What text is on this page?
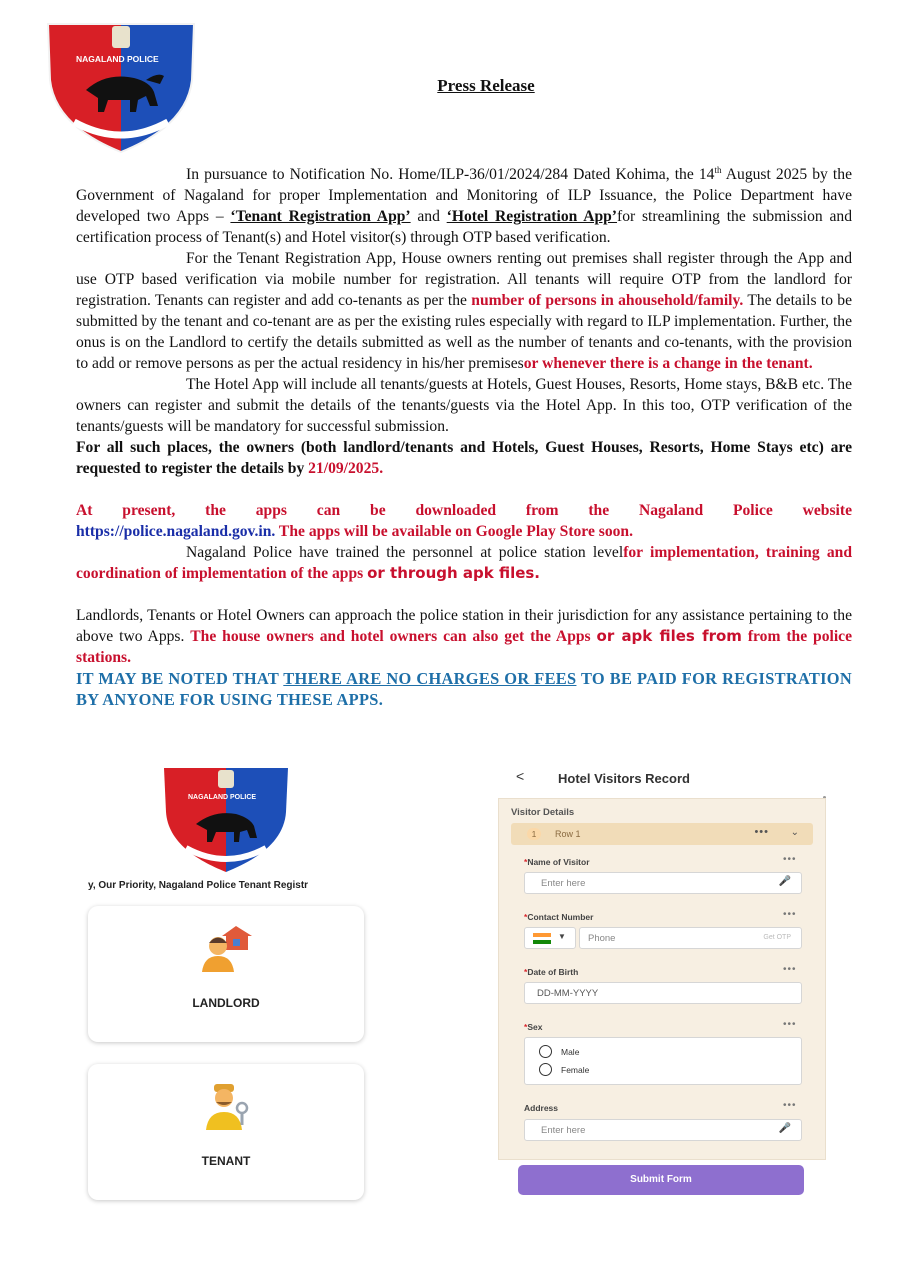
NAGALAND POLICE
Press Release

In pursuance to Notification No. Home/ILP-36/01/2024/284 Dated Kohima, the 14th August 2025 by the Government of Nagaland for proper Implementation and Monitoring of ILP Issuance, the Police Department have developed two Apps – ‘Tenant Registration App’ and ‘Hotel Registration App’for streamlining the submission and certification process of Tenant(s) and Hotel visitor(s) through OTP based verification.

For the Tenant Registration App, House owners renting out premises shall register through the App and use OTP based verification via mobile number for registration. All tenants will require OTP from the landlord for registration. Tenants can register and add co-tenants as per the number of persons in ahousehold/family. The details to be submitted by the tenant and co-tenant are as per the existing rules especially with regard to ILP implementation. Further, the onus is on the Landlord to certify the details submitted as well as the number of tenants and co-tenants, with the provision to add or remove persons as per the actual residency in his/her premisesor whenever there is a change in the tenant.

The Hotel App will include all tenants/guests at Hotels, Guest Houses, Resorts, Home stays, B&B etc. The owners can register and submit the details of the tenants/guests via the Hotel App. In this too, OTP verification of the tenants/guests will be mandatory for successful submission.

For all such places, the owners (both landlord/tenants and Hotels, Guest Houses, Resorts, Home Stays etc) are requested to register the details by 21/09/2025.

At present, the apps can be downloaded from the Nagaland Police website

https://police.nagaland.gov.in. The apps will be available on Google Play Store soon.

Nagaland Police have trained the personnel at police station levelfor implementation, training and coordination of implementation of the apps or through apk files.

Landlords, Tenants or Hotel Owners can approach the police station in their jurisdiction for any assistance pertaining to the above two Apps. The house owners and hotel owners can also get the Apps or apk files from from the police stations.

IT MAY BE NOTED THAT THERE ARE NO CHARGES OR FEES TO BE PAID FOR REGISTRATION BY ANYONE FOR USING THESE APPS.

NAGALAND POLICE
y, Our Priority, Nagaland Police Tenant Registr
LANDLORD
TENANT
<	Hotel Visitors Record
Visitor Details
1	Row 1	••• ⌄
*Name of Visitor	•••
Enter here	🎤
*Contact Number	•••
▼ Phone	Get OTP
*Date of Birth	•••
DD-MM-YYYY
*Sex	•••
Male
Female
Address	•••
Enter here	🎤
Submit Form
